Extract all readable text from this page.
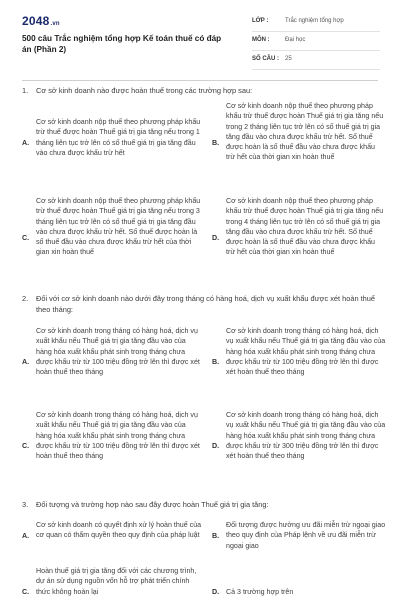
2048.vn
500 câu Trắc nghiệm tổng hợp Kế toán thuế có đáp án (Phần 2)
LỚP :	Trắc nghiệm tổng hợp
MÔN :	Đại học
SỐ CÂU : 25
1. Cơ sở kinh doanh nào được hoàn thuế trong các trường hợp sau:
A.
Cơ sở kinh doanh nộp thuế theo phương pháp khấu trừ thuế được hoàn Thuế giá trị gia tăng nếu trong 1 tháng liên tục trở lên có số thuế giá trị gia tăng đầu vào chưa được khấu trừ hết
B.
Cơ sở kinh doanh nộp thuế theo phương pháp khấu trừ thuế được hoàn Thuế giá trị gia tăng nếu trong 2 tháng liên tục trở lên có số thuế giá trị gia tăng đầu vào chưa được khấu trừ hết. Số thuế được hoàn là số thuế đầu vào chưa được khấu trừ hết của thời gian xin hoàn thuế
C.
Cơ sở kinh doanh nộp thuế theo phương pháp khấu trừ thuế được hoàn Thuế giá trị gia tăng nếu trong 3 tháng liên tục trở lên có số thuế giá trị gia tăng đầu vào chưa được khấu trừ hết. Số thuế được hoàn là số thuế đầu vào chưa được khấu trừ hết của thời gian xin hoàn thuế
D.
Cơ sở kinh doanh nộp thuế theo phương pháp khấu trừ thuế được hoàn Thuế giá trị gia tăng nếu trong 4 tháng liên tục trở lên có số thuế giá trị gia tăng đầu vào chưa được khấu trừ hết. Số thuế được hoàn là số thuế đầu vào chưa được khấu trừ hết của thời gian xin hoàn thuế
2. Đối với cơ sở kinh doanh nào dưới đây trong tháng có hàng hoá, dịch vụ xuất khẩu được xét hoàn thuế theo tháng:
A.
Cơ sở kinh doanh trong tháng có hàng hoá, dịch vụ xuất khẩu nếu Thuế giá trị gia tăng đầu vào của hàng hóa xuất khẩu phát sinh trong tháng chưa được khấu trừ từ 100 triệu đồng trở lên thì được xét hoàn thuế theo tháng
B.
Cơ sở kinh doanh trong tháng có hàng hoá, dịch vụ xuất khẩu nếu Thuế giá trị gia tăng đầu vào của hàng hóa xuất khẩu phát sinh trong tháng chưa được khấu trừ từ 100 triệu đồng trở lên thì được xét hoàn thuế theo tháng
C.
Cơ sở kinh doanh trong tháng có hàng hoá, dịch vụ xuất khẩu nếu Thuế giá trị gia tăng đầu vào của hàng hóa xuất khẩu phát sinh trong tháng chưa được khấu trừ từ 100 triệu đồng trở lên thì được xét hoàn thuế theo tháng
D.
Cơ sở kinh doanh trong tháng có hàng hoá, dịch vụ xuất khẩu nếu Thuế giá trị gia tăng đầu vào của hàng hóa xuất khẩu phát sinh trong tháng chưa được khấu trừ từ 300 triệu đồng trở lên thì được xét hoàn thuế theo tháng
3. Đối tượng và trường hợp nào sau đây được hoàn Thuế giá trị gia tăng:
A.
Cơ sở kinh doanh có quyết định xử lý hoàn thuế của cơ quan có thẩm quyền theo quy định của pháp luật	B.
Đối tượng được hưởng ưu đãi miễn trừ ngoại giao theo quy định của Pháp lệnh về ưu đãi miễn trừ ngoại giao
C.
Hoàn thuế giá trị gia tăng đối với các chương trình, dự án sử dụng nguồn vốn hỗ trợ phát triển chính thức không hoàn lại	D. Cả 3 trường hợp trên
